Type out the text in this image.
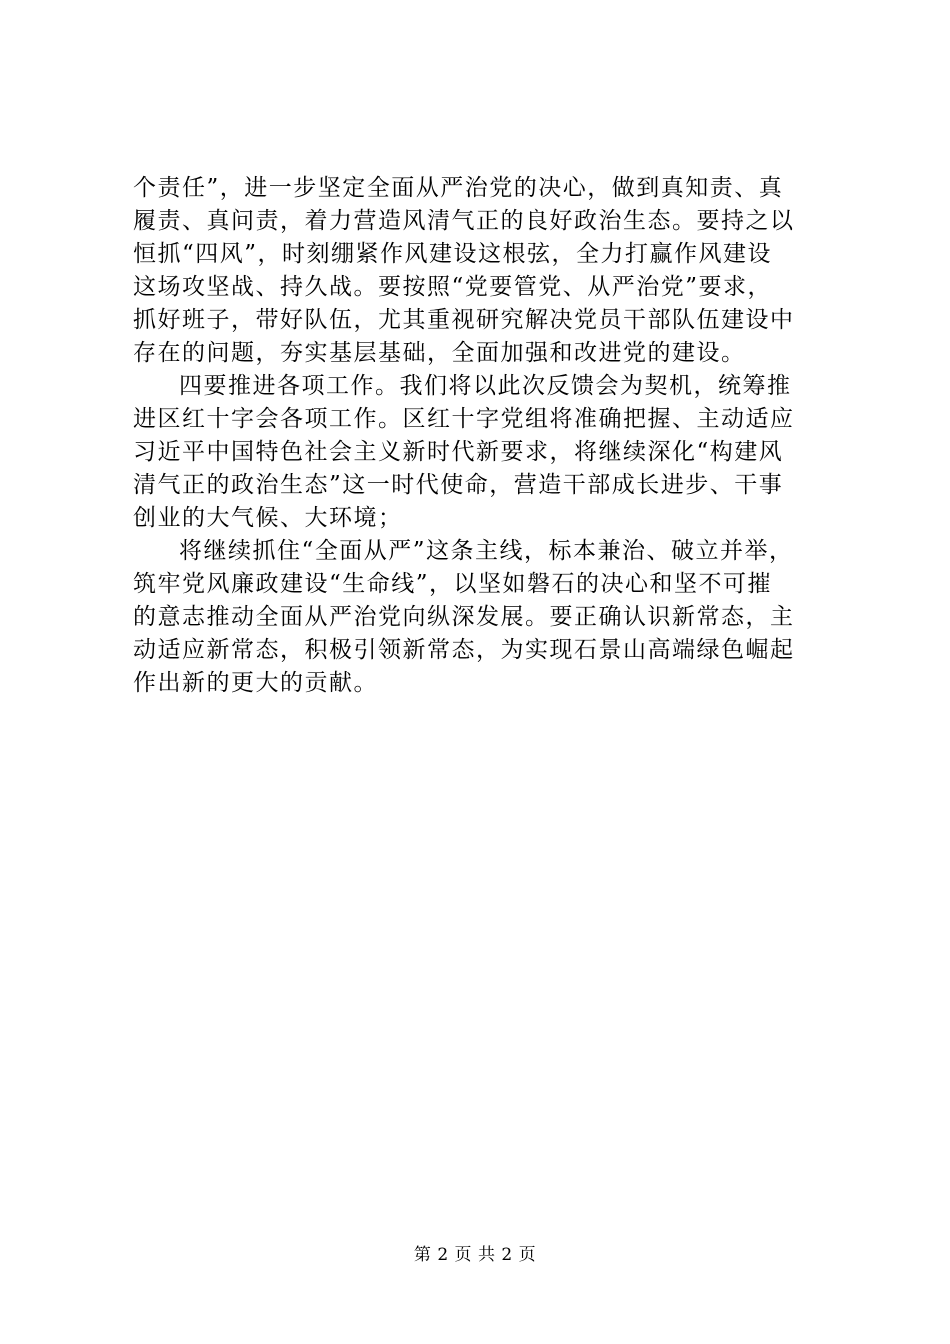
个责任”，进一步坚定全面从严治党的决心，做到真知责、真
履责、真问责，着力营造风清气正的良好政治生态。要持之以
恒抓“四风”，时刻绷紧作风建设这根弦，全力打赢作风建设
这场攻坚战、持久战。要按照“党要管党、从严治党”要求，
抓好班子，带好队伍，尤其重视研究解决党员干部队伍建设中
存在的问题，夯实基层基础，全面加强和改进党的建设。
四要推进各项工作。我们将以此次反馈会为契机，统筹推
进区红十字会各项工作。区红十字党组将准确把握、主动适应
习近平中国特色社会主义新时代新要求，将继续深化“构建风
清气正的政治生态”这一时代使命，营造干部成长进步、干事
创业的大气候、大环境；
将继续抓住“全面从严”这条主线，标本兼治、破立并举，
筑牢党风廉政建设“生命线”，以坚如磐石的决心和坚不可摧
的意志推动全面从严治党向纵深发展。要正确认识新常态，主
动适应新常态，积极引领新常态，为实现石景山高端绿色崛起
作出新的更大的贡献。
第 2 页 共 2 页
